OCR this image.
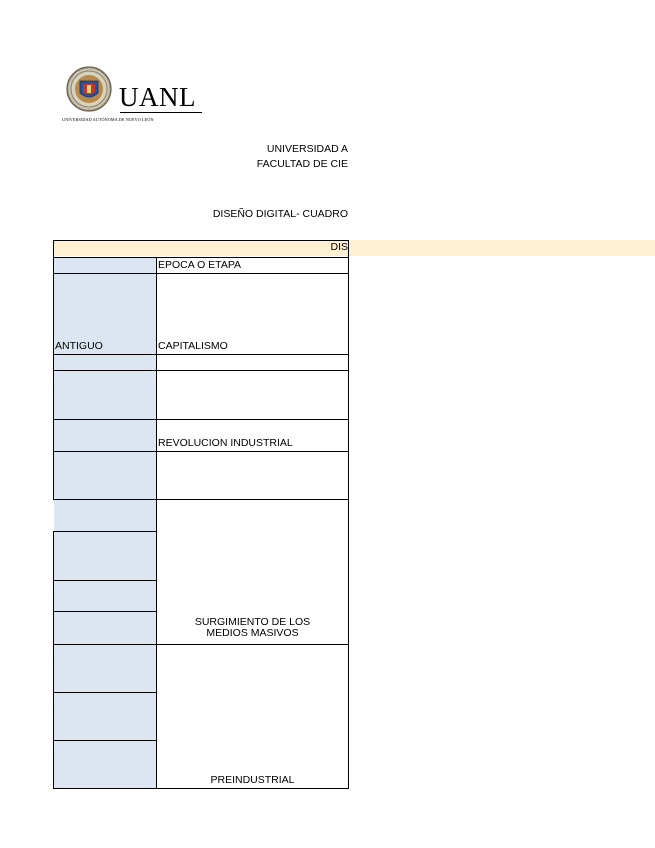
UANL
UNIVERSIDAD AUTÓNOMA DE NUEVO LEÓN
UNIVERSIDAD A
FACULTAD DE CIE
DISEÑO DIGITAL- CUADRO
DIS
EPOCA O ETAPA
ANTIGUO	CAPITALISMO
REVOLUCION INDUSTRIAL
SURGIMIENTO DE LOS
MEDIOS MASIVOS
PREINDUSTRIAL
